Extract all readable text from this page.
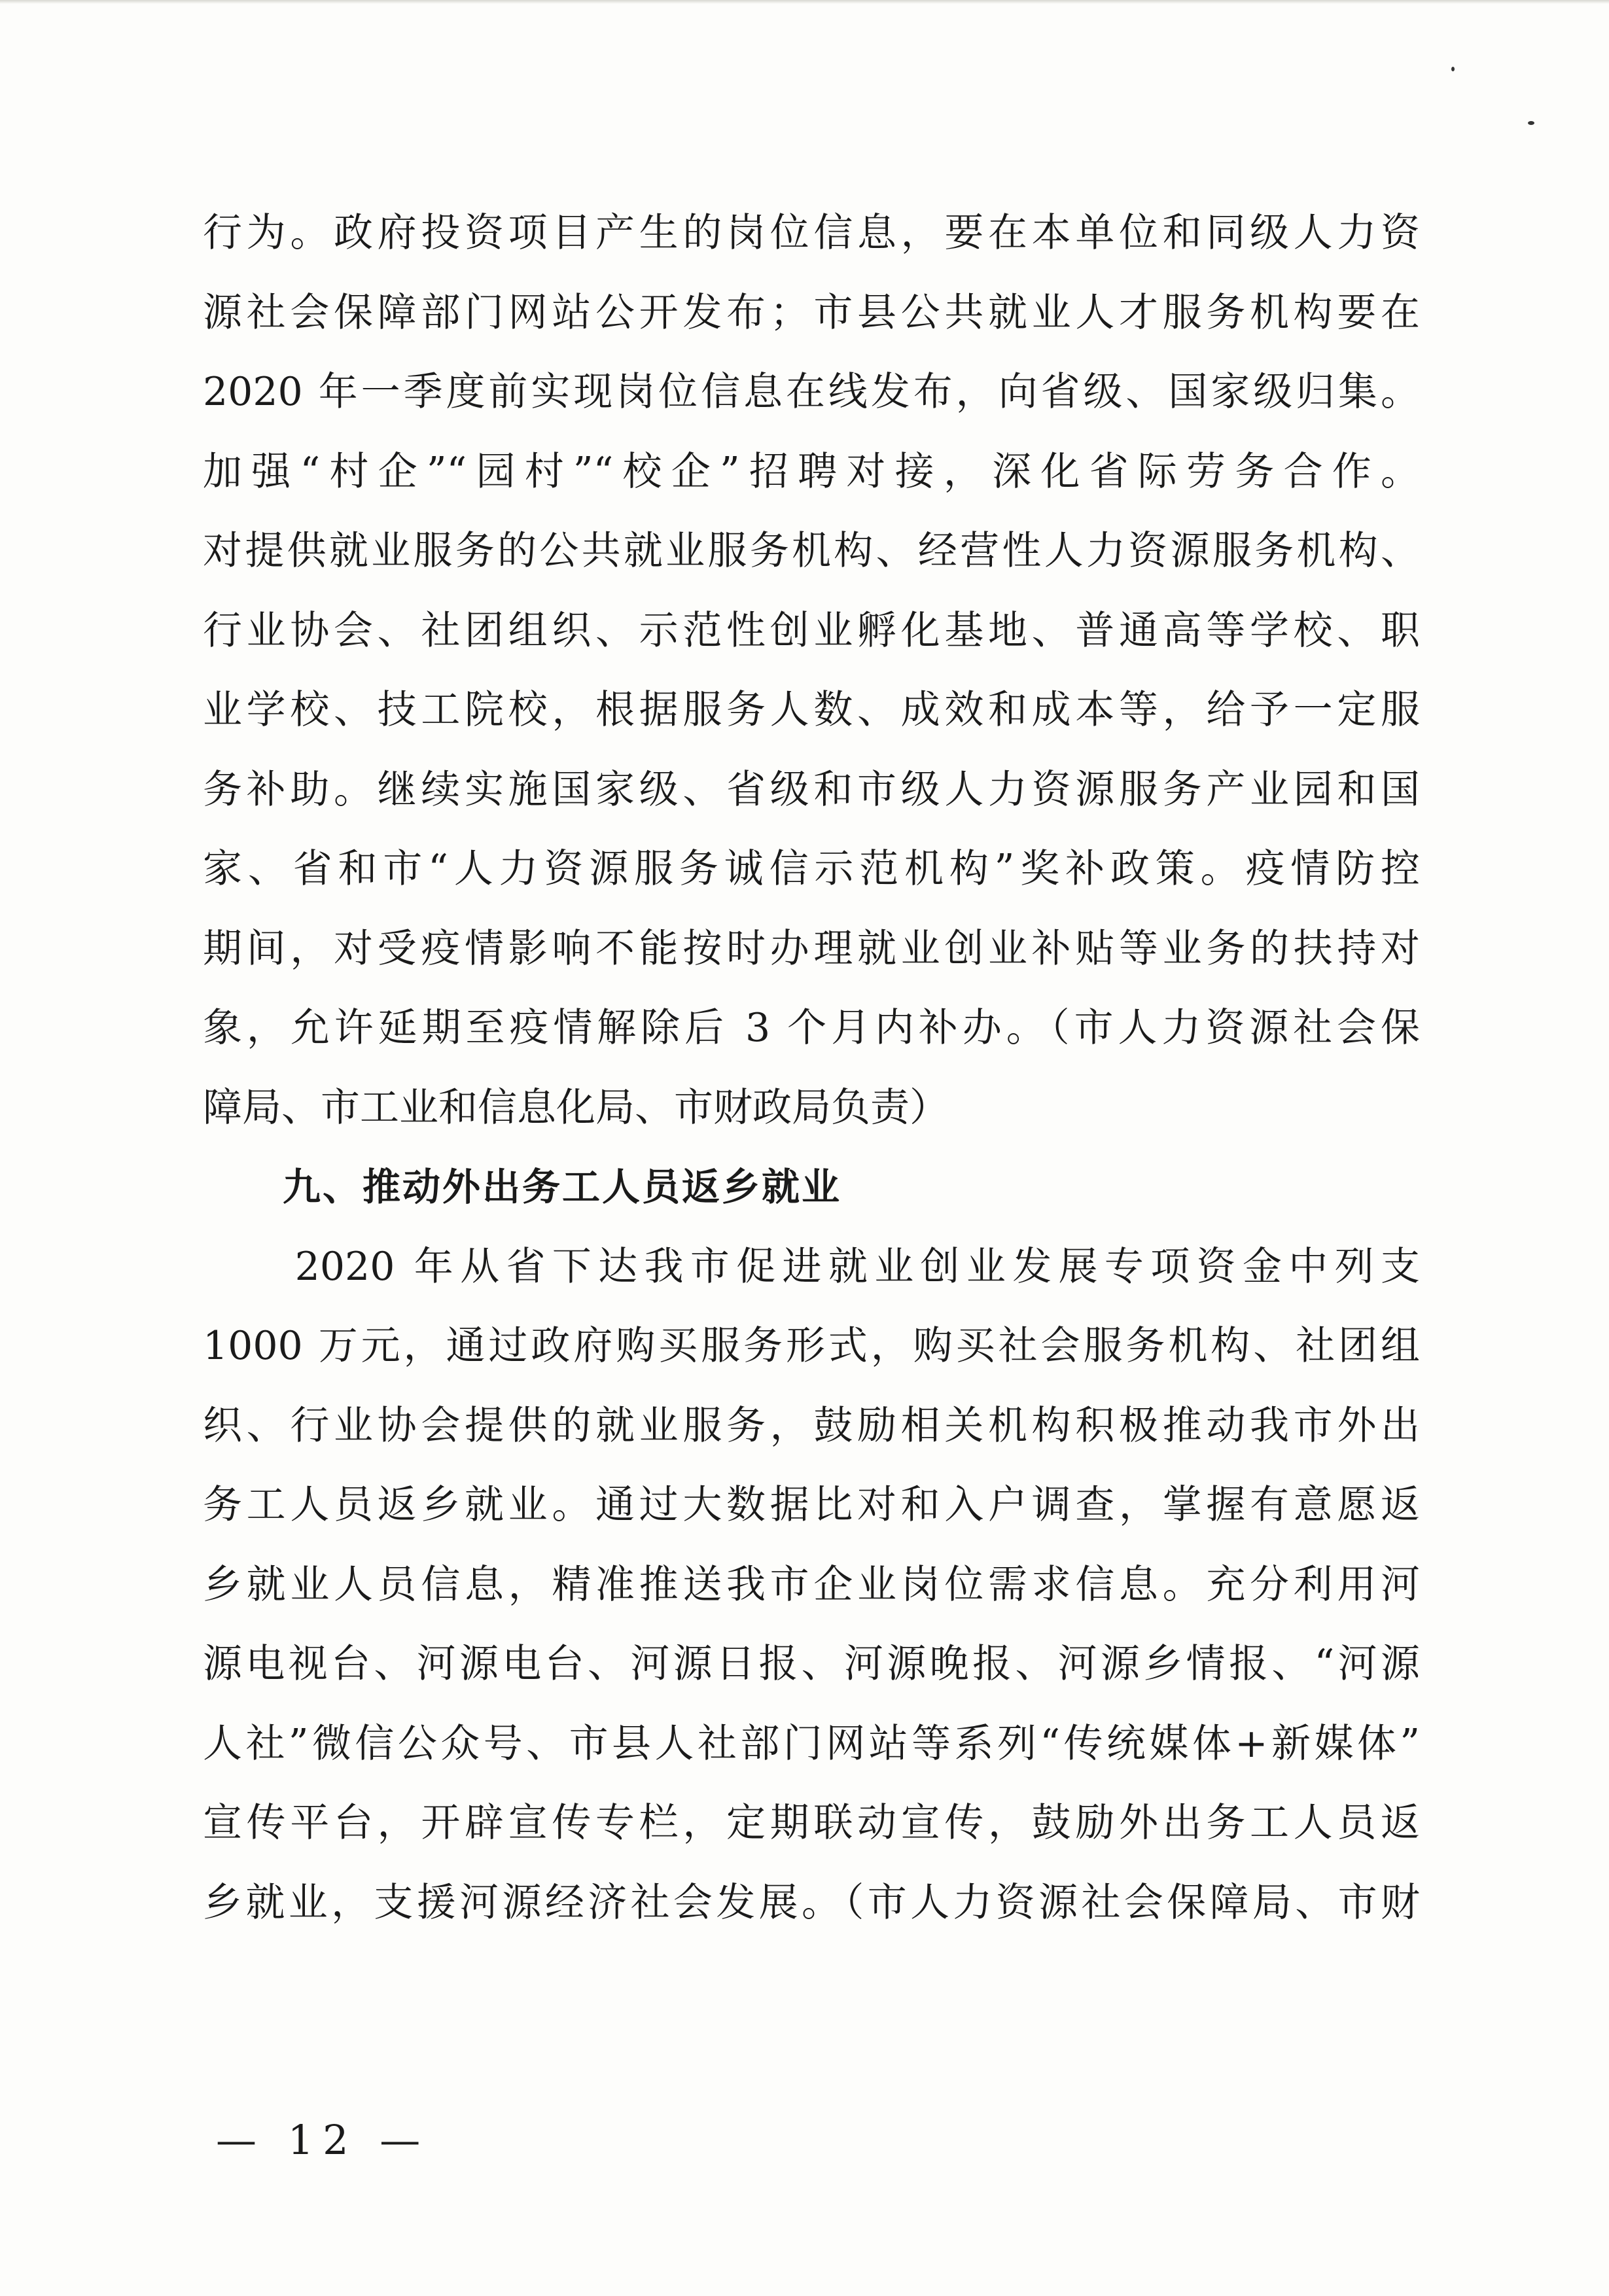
行为。政府投资项目产生的岗位信息，要在本单位和同级人力资
源社会保障部门网站公开发布；市县公共就业人才服务机构要在
2020 年一季度前实现岗位信息在线发布，向省级、国家级归集。
加强“村企”“园村”“校企”招聘对接，深化省际劳务合作。
对提供就业服务的公共就业服务机构、经营性人力资源服务机构、
行业协会、社团组织、示范性创业孵化基地、普通高等学校、职
业学校、技工院校，根据服务人数、成效和成本等，给予一定服
务补助。继续实施国家级、省级和市级人力资源服务产业园和国
家、省和市“人力资源服务诚信示范机构”奖补政策。疫情防控
期间，对受疫情影响不能按时办理就业创业补贴等业务的扶持对
象，允许延期至疫情解除后 3 个月内补办。（市人力资源社会保
障局、市工业和信息化局、市财政局负责）
九、推动外出务工人员返乡就业
　　2020 年从省下达我市促进就业创业发展专项资金中列支
1000 万元，通过政府购买服务形式，购买社会服务机构、社团组
织、行业协会提供的就业服务，鼓励相关机构积极推动我市外出
务工人员返乡就业。通过大数据比对和入户调查，掌握有意愿返
乡就业人员信息，精准推送我市企业岗位需求信息。充分利用河
源电视台、河源电台、河源日报、河源晚报、河源乡情报、“河源
人社”微信公众号、市县人社部门网站等系列“传统媒体+新媒体”
宣传平台，开辟宣传专栏，定期联动宣传，鼓励外出务工人员返
乡就业，支援河源经济社会发展。（市人力资源社会保障局、市财
— 12 —
